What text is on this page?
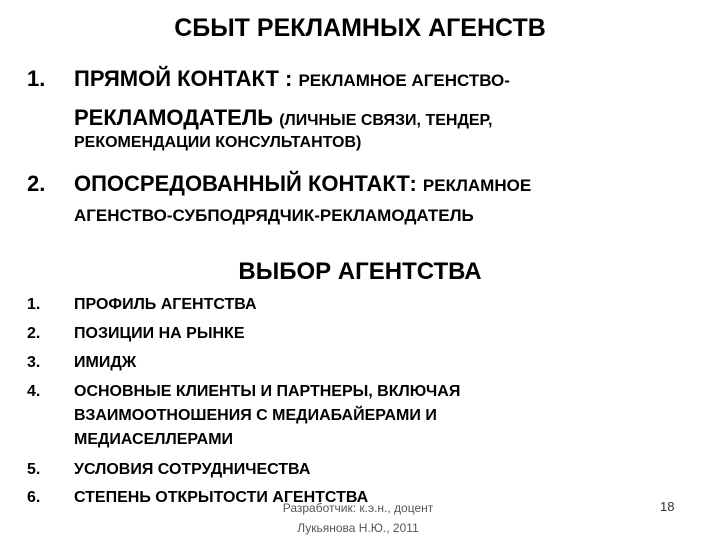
СБЫТ РЕКЛАМНЫХ АГЕНСТВ
1. ПРЯМОЙ КОНТАКТ : РЕКЛАМНОЕ АГЕНСТВО-
РЕКЛАМОДАТЕЛЬ (ЛИЧНЫЕ СВЯЗИ, ТЕНДЕР,
РЕКОМЕНДАЦИИ КОНСУЛЬТАНТОВ)
2. ОПОСРЕДОВАННЫЙ КОНТАКТ: РЕКЛАМНОЕ
АГЕНСТВО-СУБПОДРЯДЧИК-РЕКЛАМОДАТЕЛЬ
ВЫБОР АГЕНТСТВА
1. ПРОФИЛЬ АГЕНТСТВА
2. ПОЗИЦИИ НА РЫНКЕ
3. ИМИДЖ
4. ОСНОВНЫЕ КЛИЕНТЫ И ПАРТНЕРЫ, ВКЛЮЧАЯ
ВЗАИМООТНОШЕНИЯ С МЕДИАБАЙЕРАМИ И
МЕДИАСЕЛЛЕРАМИ
5. УСЛОВИЯ СОТРУДНИЧЕСТВА
6. СТЕПЕНЬ ОТКРЫТОСТИ АГЕНТСТВА
Разработчик: к.э.н., доцент
Лукьянова Н.Ю., 2011
18
